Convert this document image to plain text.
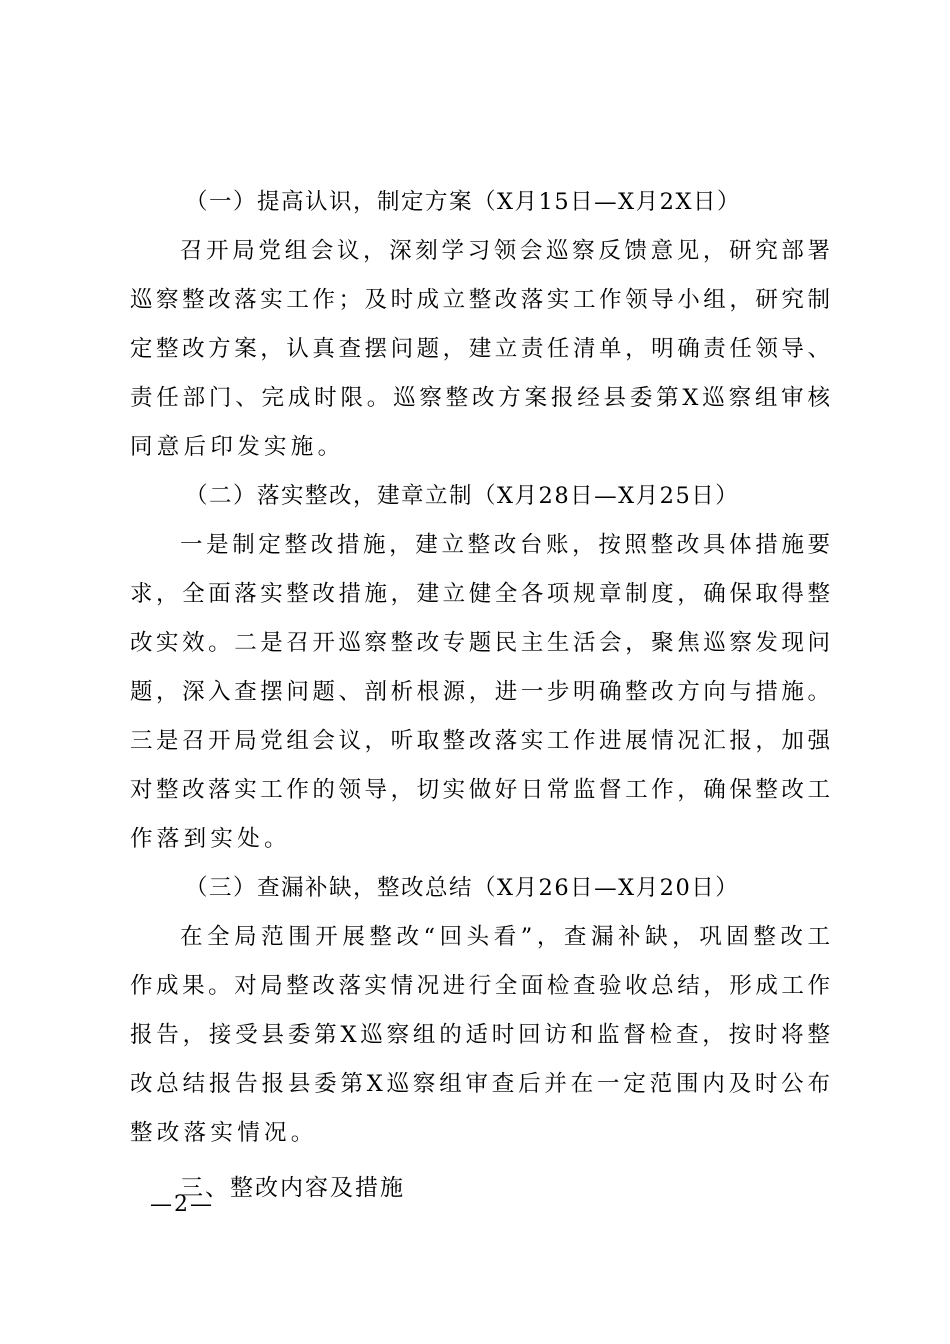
（一）提高认识，制定方案（X月15日—X月2X日）
召开局党组会议，深刻学习领会巡察反馈意见，研究部署
巡察整改落实工作；及时成立整改落实工作领导小组，研究制
定整改方案，认真查摆问题，建立责任清单，明确责任领导、
责任部门、完成时限。巡察整改方案报经县委第X巡察组审核
同意后印发实施。
（二）落实整改，建章立制（X月28日—X月25日）
一是制定整改措施，建立整改台账，按照整改具体措施要
求，全面落实整改措施，建立健全各项规章制度，确保取得整
改实效。二是召开巡察整改专题民主生活会，聚焦巡察发现问
题，深入查摆问题、剖析根源，进一步明确整改方向与措施。
三是召开局党组会议，听取整改落实工作进展情况汇报，加强
对整改落实工作的领导，切实做好日常监督工作，确保整改工
作落到实处。
（三）查漏补缺，整改总结（X月26日—X月20日）
在全局范围开展整改“回头看”，查漏补缺，巩固整改工
作成果。对局整改落实情况进行全面检查验收总结，形成工作
报告，接受县委第X巡察组的适时回访和监督检查，按时将整
改总结报告报县委第X巡察组审查后并在一定范围内及时公布
整改落实情况。
三、整改内容及措施
—2—
